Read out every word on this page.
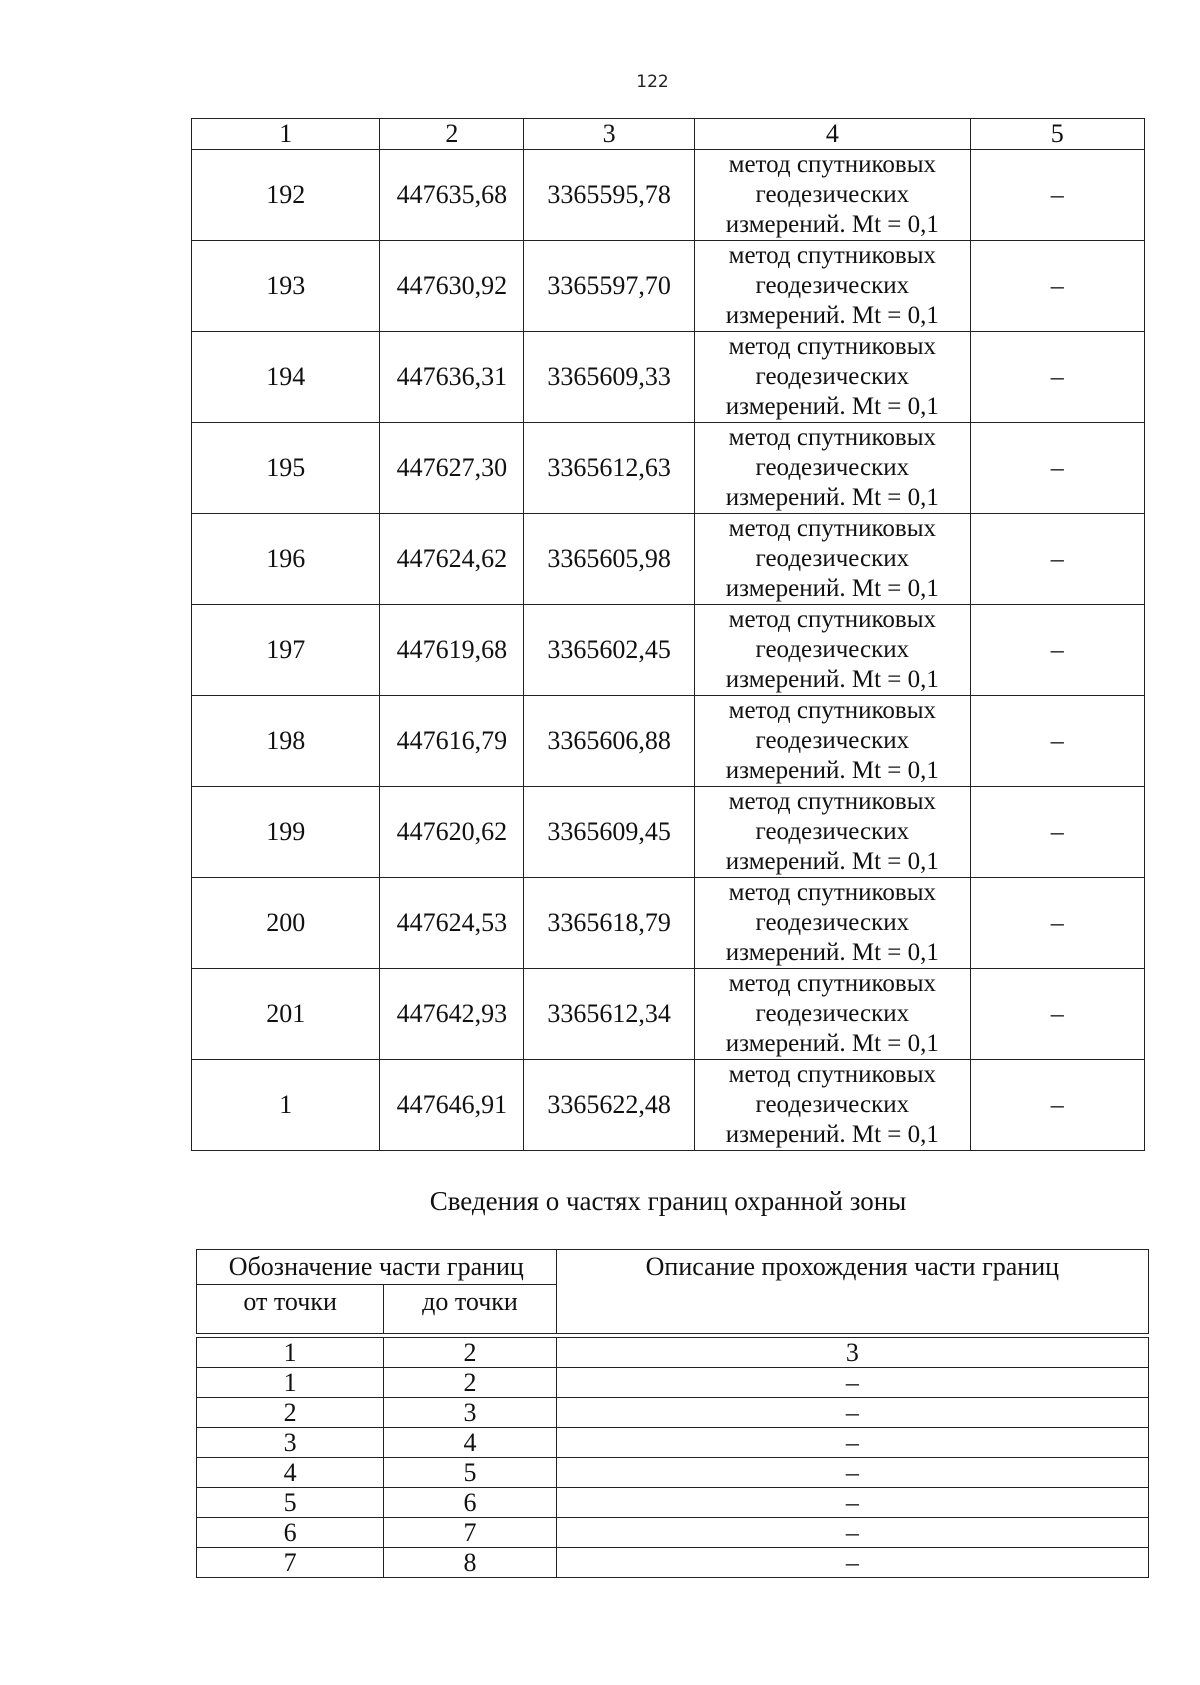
122
1	2	3	4	5
192	447635,68	3365595,78	метод спутниковых геодезических измерений. Mt = 0,1	–
193	447630,92	3365597,70	метод спутниковых геодезических измерений. Mt = 0,1	–
194	447636,31	3365609,33	метод спутниковых геодезических измерений. Mt = 0,1	–
195	447627,30	3365612,63	метод спутниковых геодезических измерений. Mt = 0,1	–
196	447624,62	3365605,98	метод спутниковых геодезических измерений. Mt = 0,1	–
197	447619,68	3365602,45	метод спутниковых геодезических измерений. Mt = 0,1	–
198	447616,79	3365606,88	метод спутниковых геодезических измерений. Mt = 0,1	–
199	447620,62	3365609,45	метод спутниковых геодезических измерений. Mt = 0,1	–
200	447624,53	3365618,79	метод спутниковых геодезических измерений. Mt = 0,1	–
201	447642,93	3365612,34	метод спутниковых геодезических измерений. Mt = 0,1	–
1	447646,91	3365622,48	метод спутниковых геодезических измерений. Mt = 0,1	–
Сведения о частях границ охранной зоны
Обозначение части границ		Описание прохождения части границ
от точки	до точки	

1	2	3
1	2	–
2	3	–
3	4	–
4	5	–
5	6	–
6	7	–
7	8	–
